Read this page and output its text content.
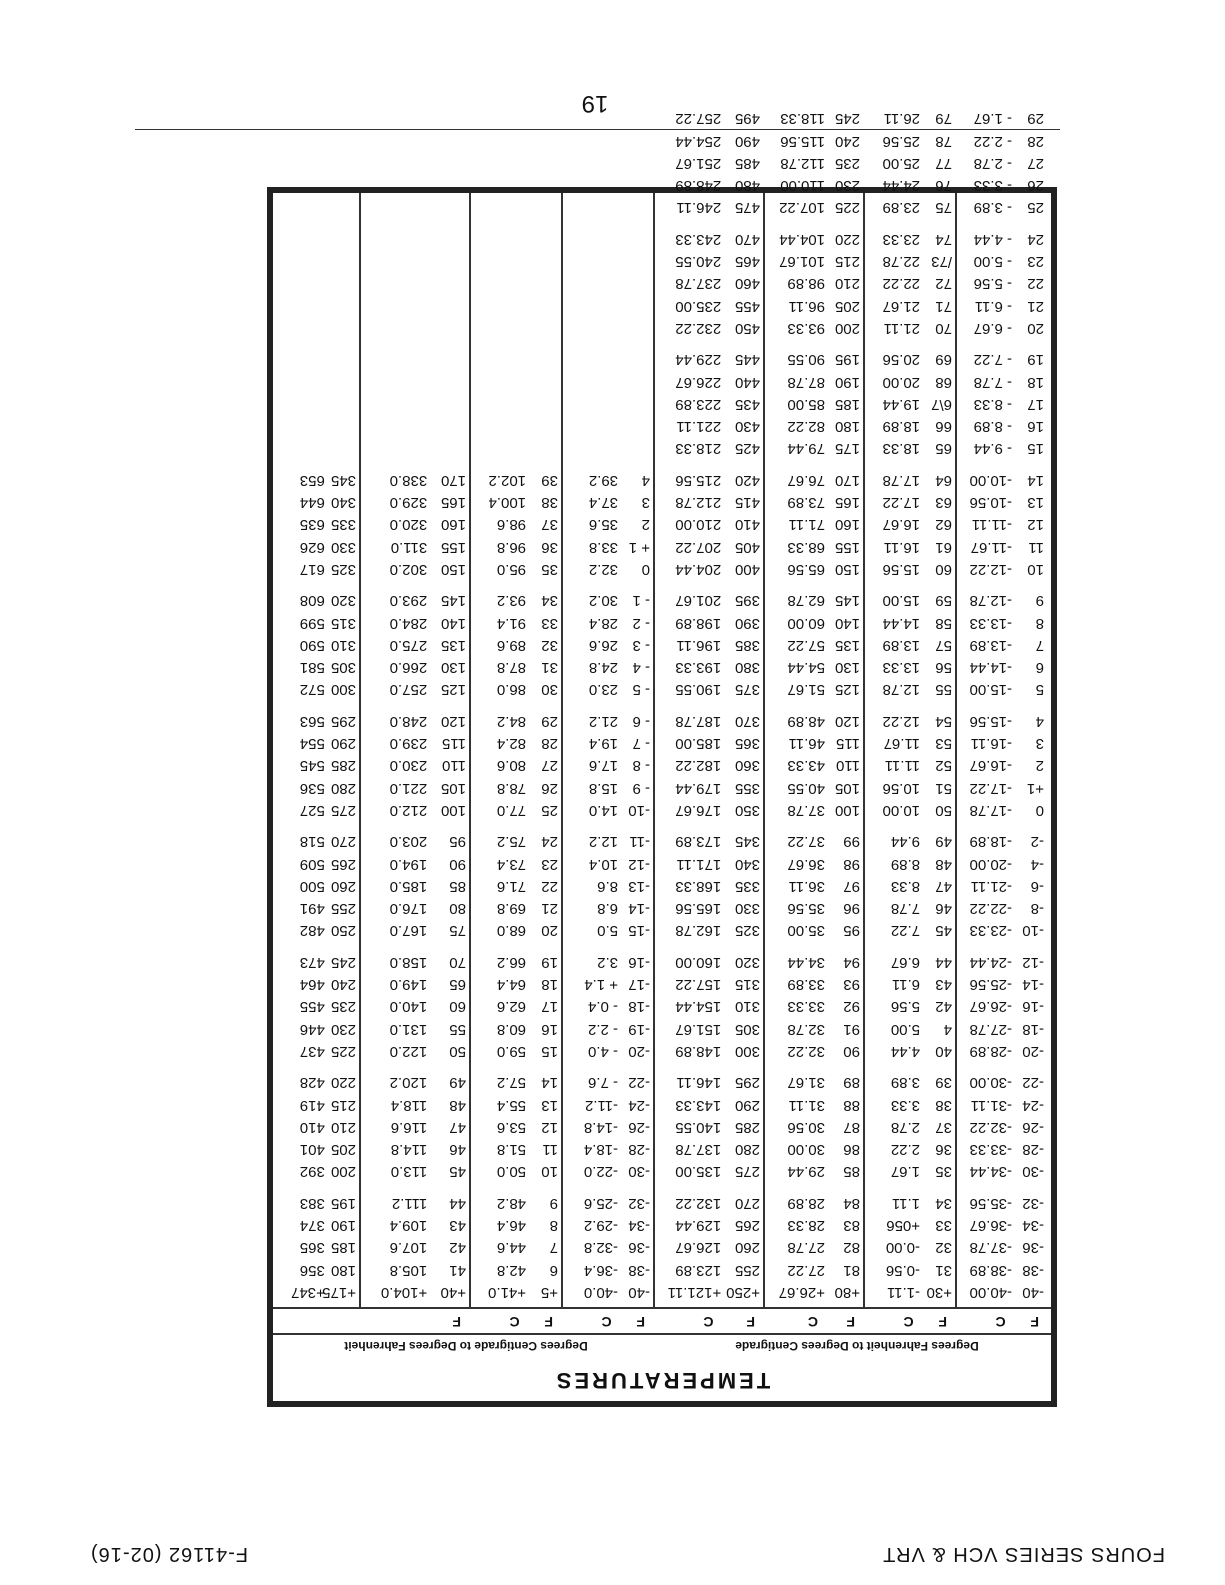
FOURS SERIES VCH & VRT
F-41162 (02-16)
TEMPERATURES
Degrees Fahrenheit to Degrees Centigrade
Degrees Centigrade to Degrees Fahrenheit
F
C
F
C
F
C
F
C
F
C
F
C
F
-40
-40.00
-38
-38.89
-36
-37.78
-34
-36.67
-32
-35.56
-30
-34.44
-28
-33.33
-26
-32.22
-24
-31.11
-22
-30.00
-20
-28.89
-18
-27.78
-16
-26.67
-14
-25.56
-12
-24.44
-10
-23.33
-8
-22.22
-6
-21.11
-4
-20.00
-2
-18.89
0
-17.78
+1
-17.22
2
-16.67
3
-16.11
4
-15.56
5
-15.00
6
-14.44
7
-13.89
8
-13.33
9
-12.78
10
-12.22
11
-11.67
12
-11.11
13
-10.56
14
-10.00
15
- 9.44
16
- 8.89
17
- 8.33
18
- 7.78
19
- 7.22
20
- 6.67
21
- 6.11
22
- 5.56
23
- 5.00
24
- 4.44
25
- 3.89
26
- 3.33
27
- 2.78
28
- 2.22
29
- 1.67
+30
-1.11
31
-0.56
32
-0.00
33
+056
34
1.11
35
1.67
36
2.22
37
2.78
38
3.33
39
3.89
40
4.44
4
5.00
42
5.56
43
6.11
44
6.67
45
7.22
46
7.78
47
8.33
48
8.89
49
9.44
50
10.00
51
10.56
52
11.11
53
11.67
54
12.22
55
12.78
56
13.33
57
13.89
58
14.44
59
15.00
60
15.56
61
16.11
62
16.67
63
17.22
64
17.78
65
18.33
66
18.89
6\7
19.44
68
20.00
69
20.56
70
21.11
71
21.67
72
22.22
/73
22.78
74
23.33
75
23.89
76
24.44
77
25.00
78
25.56
79
26.11
+80
+26.67
81
27.22
82
27.78
83
28.33
84
28.89
85
29.44
86
30.00
87
30.56
88
31.11
89
31.67
90
32.22
91
32.78
92
33.33
93
33.89
94
34.44
95
35.00
96
35.56
97
36.11
98
36.67
99
37.22
100
37.78
105
40.55
110
43.33
115
46.11
120
48.89
125
51.67
130
54.44
135
57.22
140
60.00
145
62.78
150
65.56
155
68.33
160
71.11
165
73.89
170
76.67
175
79.44
180
82.22
185
85.00
190
87.78
195
90.55
200
93.33
205
96.11
210
98.89
215
101.67
220
104.44
225
107.22
230
110.00
235
112.78
240
115.56
245
118.33
+250
+121.11
255
123.89
260
126.67
265
129.44
270
132.22
275
135.00
280
137.78
285
140.55
290
143.33
295
146.11
300
148.89
305
151.67
310
154.44
315
157.22
320
160.00
325
162.78
330
165.56
335
168.33
340
171.11
345
173.89
350
176.67
355
179.44
360
182.22
365
185.00
370
187.78
375
190.55
380
193.33
385
196.11
390
198.89
395
201.67
400
204.44
405
207.22
410
210.00
415
212.78
420
215.56
425
218.33
430
221.11
435
223.89
440
226.67
445
229.44
450
232.22
455
235.00
460
237.78
465
240.55
470
243.33
475
246.11
480
248.89
485
251.67
490
254.44
495
257.22
-40
-40.0
-38
-36.4
-36
-32.8
-34
-29.2
-32
-25.6
-30
-22.0
-28
-18.4
-26
-14.8
-24
-11.2
-22
- 7.6
-20
- 4.0
-19
- 2.2
-18
- 0.4
-17
+ 1.4
-16
3.2
-15
5.0
-14
6.8
-13
8.6
-12
10.4
-11
12.2
-10
14.0
- 9
15.8
- 8
17.6
- 7
19.4
- 6
21.2
- 5
23.0
- 4
24.8
- 3
26.6
- 2
28.4
- 1
30.2
0
32.2
+ 1
33.8
2
35.6
3
37.4
4
39.2
+5
+41.0
6
42.8
7
44.6
8
46.4
9
48.2
10
50.0
11
51.8
12
53.6
13
55.4
14
57.2
15
59.0
16
60.8
17
62.6
18
64.4
19
66.2
20
68.0
21
69.8
22
71.6
23
73.4
24
75.2
25
77.0
26
78.8
27
80.6
28
82.4
29
84.2
30
86.0
31
87.8
32
89.6
33
91.4
34
93.2
35
95.0
36
96.8
37
98.6
38
100.4
39
102.2
+40
+104.0
41
105.8
42
107.6
43
109.4
44
111.2
45
113.0
46
114.8
47
116.6
48
118.4
49
120.2
50
122.0
55
131.0
60
140.0
65
149.0
70
158.0
75
167.0
80
176.0
85
185.0
90
194.0
95
203.0
100
212.0
105
221.0
110
230.0
115
239.0
120
248.0
125
257.0
130
266.0
135
275.0
140
284.0
145
293.0
150
302.0
155
311.0
160
320.0
165
329.0
170
338.0
+175
+347
180
356
185
365
190
374
195
383
200
392
205
401
210
410
215
419
220
428
225
437
230
446
235
455
240
464
245
473
250
482
255
491
260
500
265
509
270
518
275
527
280
536
285
545
290
554
295
563
300
572
305
581
310
590
315
599
320
608
325
617
330
626
335
635
340
644
345
653
19
